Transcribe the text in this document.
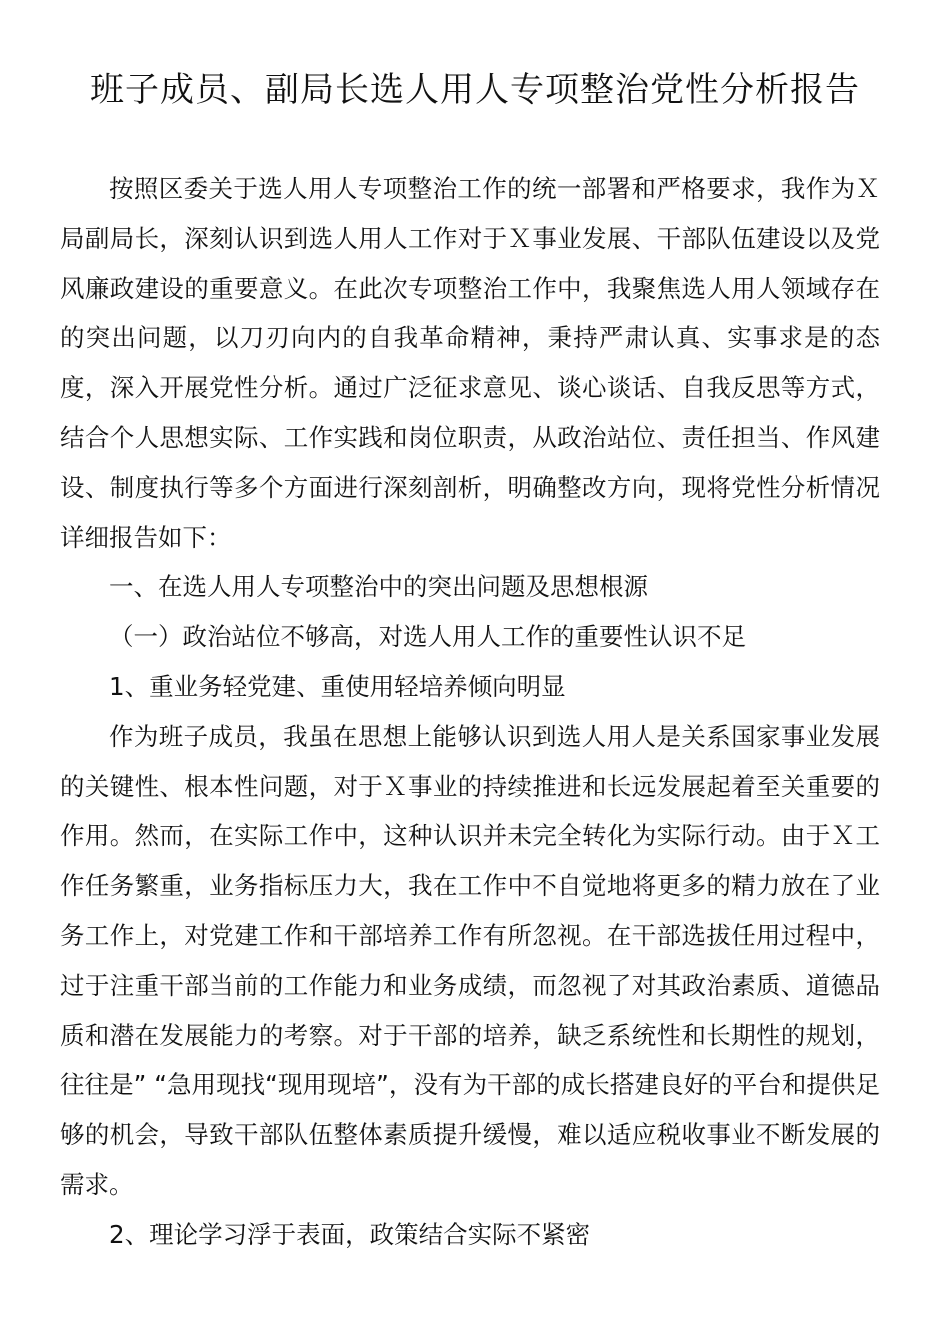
班子成员、副局长选人用人专项整治党性分析报告

按照区委关于选人用人专项整治工作的统一部署和严格要求，我作为Ｘ局副局长，深刻认识到选人用人工作对于Ｘ事业发展、干部队伍建设以及党风廉政建设的重要意义。在此次专项整治工作中，我聚焦选人用人领域存在的突出问题，以刀刃向内的自我革命精神，秉持严肃认真、实事求是的态度，深入开展党性分析。通过广泛征求意见、谈心谈话、自我反思等方式，结合个人思想实际、工作实践和岗位职责，从政治站位、责任担当、作风建设、制度执行等多个方面进行深刻剖析，明确整改方向，现将党性分析情况详细报告如下：

一、在选人用人专项整治中的突出问题及思想根源

（一）政治站位不够高，对选人用人工作的重要性认识不足

1、重业务轻党建、重使用轻培养倾向明显

作为班子成员，我虽在思想上能够认识到选人用人是关系国家事业发展的关键性、根本性问题，对于Ｘ事业的持续推进和长远发展起着至关重要的作用。然而，在实际工作中，这种认识并未完全转化为实际行动。由于Ｘ工作任务繁重，业务指标压力大，我在工作中不自觉地将更多的精力放在了业务工作上，对党建工作和干部培养工作有所忽视。在干部选拔任用过程中，过于注重干部当前的工作能力和业务成绩，而忽视了对其政治素质、道德品质和潜在发展能力的考察。对于干部的培养，缺乏系统性和长期性的规划，往往是” “急用现找“现用现培”，没有为干部的成长搭建良好的平台和提供足够的机会，导致干部队伍整体素质提升缓慢，难以适应税收事业不断发展的需求。

2、理论学习浮于表面，政策结合实际不紧密
